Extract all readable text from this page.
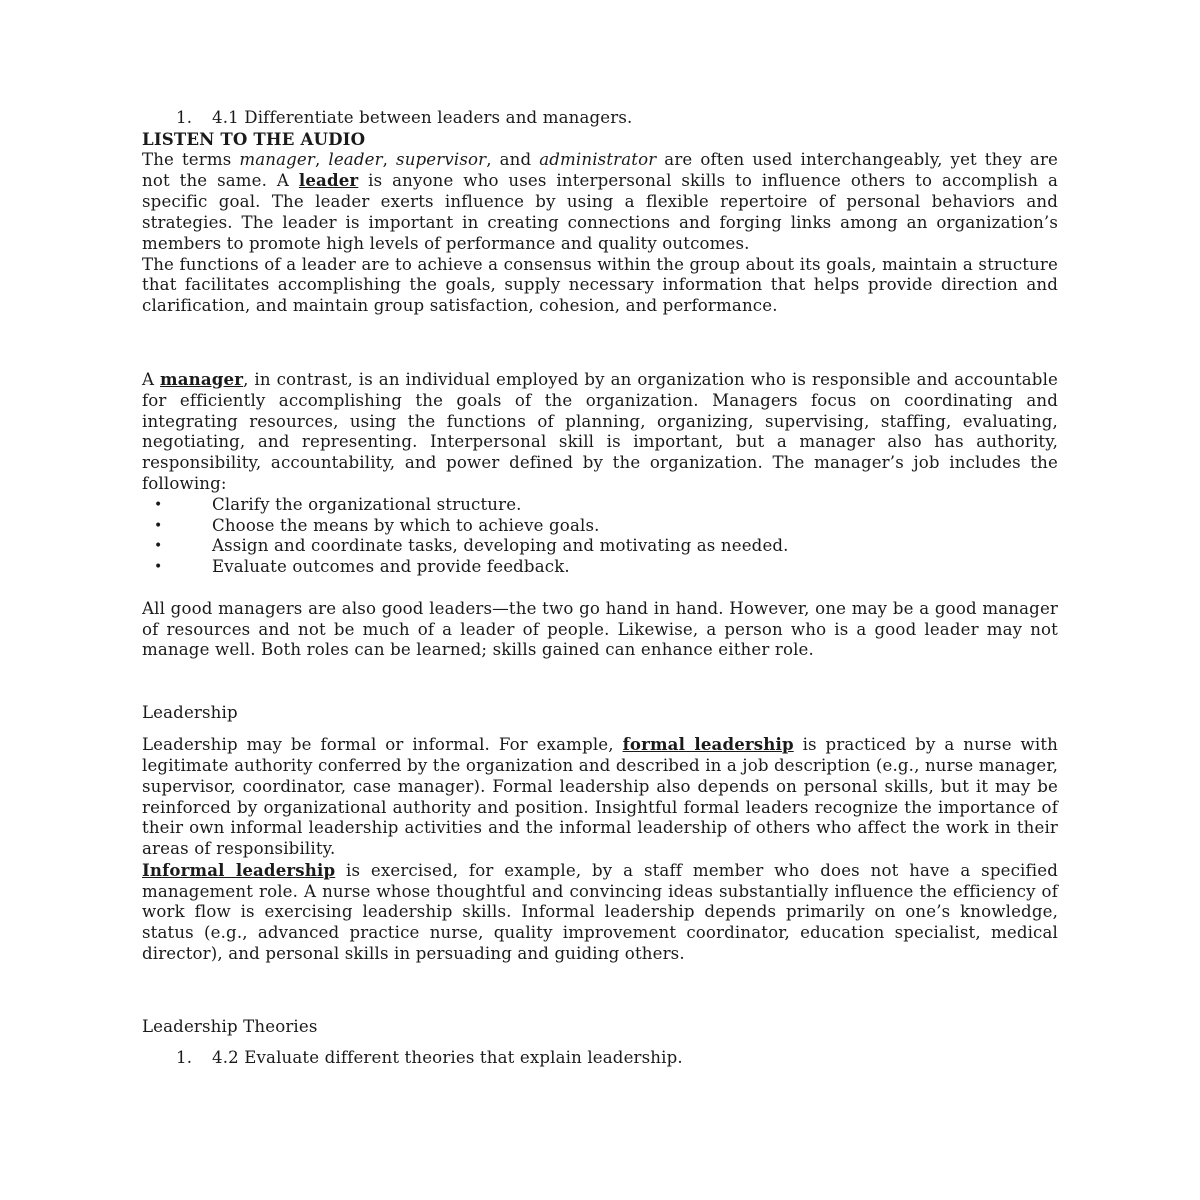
1.	4.1 Differentiate between leaders and managers.

LISTEN TO THE AUDIO

The terms manager, leader, supervisor, and administrator are often used interchangeably, yet they are not the same. A leader is anyone who uses interpersonal skills to influence others to accomplish a specific goal. The leader exerts influence by using a flexible repertoire of personal behaviors and strategies. The leader is important in creating connections and forging links among an organization’s members to promote high levels of performance and quality outcomes.

The functions of a leader are to achieve a consensus within the group about its goals, maintain a structure that facilitates accomplishing the goals, supply necessary information that helps provide direction and clarification, and maintain group satisfaction, cohesion, and performance.

A manager, in contrast, is an individual employed by an organization who is responsible and accountable for efficiently accomplishing the goals of the organization. Managers focus on coordinating and integrating resources, using the functions of planning, organizing, supervising, staffing, evaluating, negotiating, and representing. Interpersonal skill is important, but a manager also has authority, responsibility, accountability, and power defined by the organization. The manager’s job includes the following:

•	Clarify the organizational structure.
•	Choose the means by which to achieve goals.
•	Assign and coordinate tasks, developing and motivating as needed.
•	Evaluate outcomes and provide feedback.

All good managers are also good leaders—the two go hand in hand. However, one may be a good manager of resources and not be much of a leader of people. Likewise, a person who is a good leader may not manage well. Both roles can be learned; skills gained can enhance either role.

Leadership

Leadership may be formal or informal. For example, formal leadership is practiced by a nurse with legitimate authority conferred by the organization and described in a job description (e.g., nurse manager, supervisor, coordinator, case manager). Formal leadership also depends on personal skills, but it may be reinforced by organizational authority and position. Insightful formal leaders recognize the importance of their own informal leadership activities and the informal leadership of others who affect the work in their areas of responsibility.

Informal leadership is exercised, for example, by a staff member who does not have a specified management role. A nurse whose thoughtful and convincing ideas substantially influence the efficiency of work flow is exercising leadership skills. Informal leadership depends primarily on one’s knowledge, status (e.g., advanced practice nurse, quality improvement coordinator, education specialist, medical director), and personal skills in persuading and guiding others.

Leadership Theories

1.	4.2 Evaluate different theories that explain leadership.
